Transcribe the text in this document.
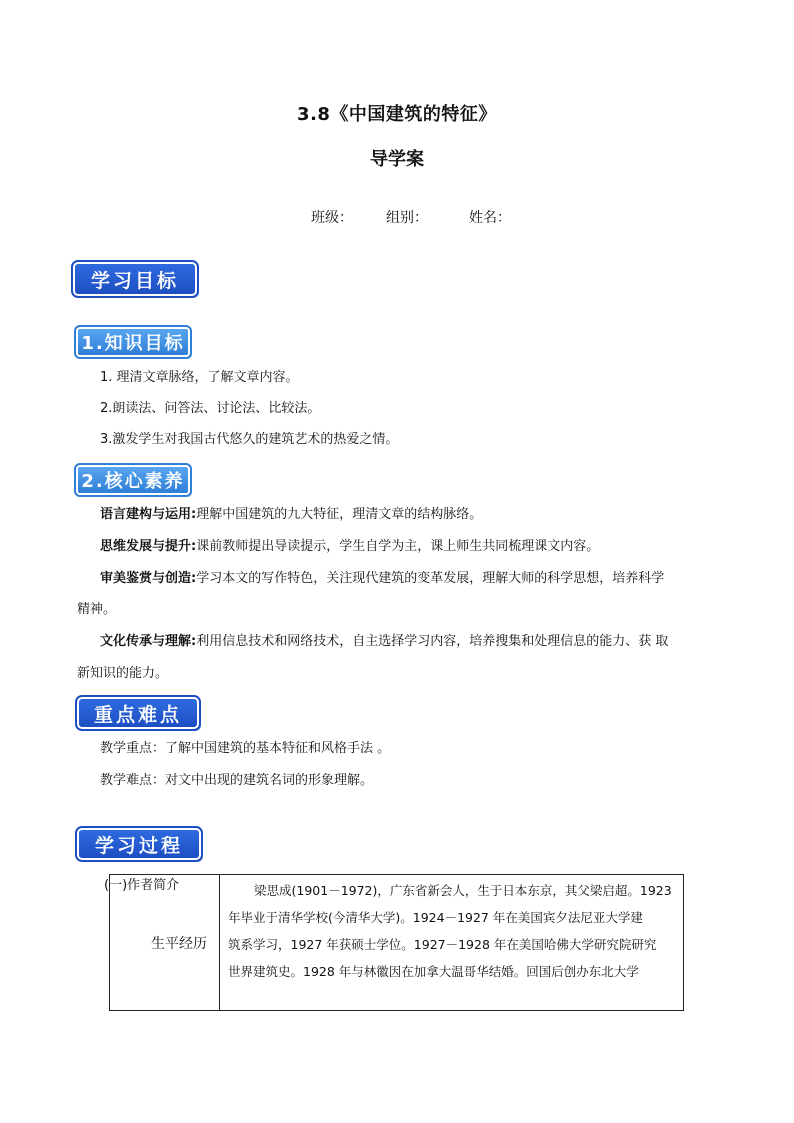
3.8《中国建筑的特征》
导学案
班级： 组别：	姓名：
学习目标
1.知识目标
1. 理清文章脉络，了解文章内容。
2.朗读法、问答法、讨论法、比较法。
3.激发学生对我国古代悠久的建筑艺术的热爱之情。
2.核心素养
语言建构与运用:理解中国建筑的九大特征，理清文章的结构脉络。
思维发展与提升:课前教师提出导读提示，学生自学为主，课上师生共同梳理课文内容。
审美鉴赏与创造:学习本文的写作特色，关注现代建筑的变革发展，理解大师的科学思想，培养科学
精神。
文化传承与理解:利用信息技术和网络技术，自主选择学习内容，培养搜集和处理信息的能力、获 取
新知识的能力。
重点难点
教学重点：了解中国建筑的基本特征和风格手法 。
教学难点：对文中出现的建筑名词的形象理解。
学习过程
(一)作者简介
生平经历
梁思成(1901－1972)，广东省新会人，生于日本东京，其父梁启超。1923
年毕业于清华学校(今清华大学)。1924－1927 年在美国宾夕法尼亚大学建
筑系学习，1927 年获硕士学位。1927－1928 年在美国哈佛大学研究院研究
世界建筑史。1928 年与林徽因在加拿大温哥华结婚。回国后创办东北大学
